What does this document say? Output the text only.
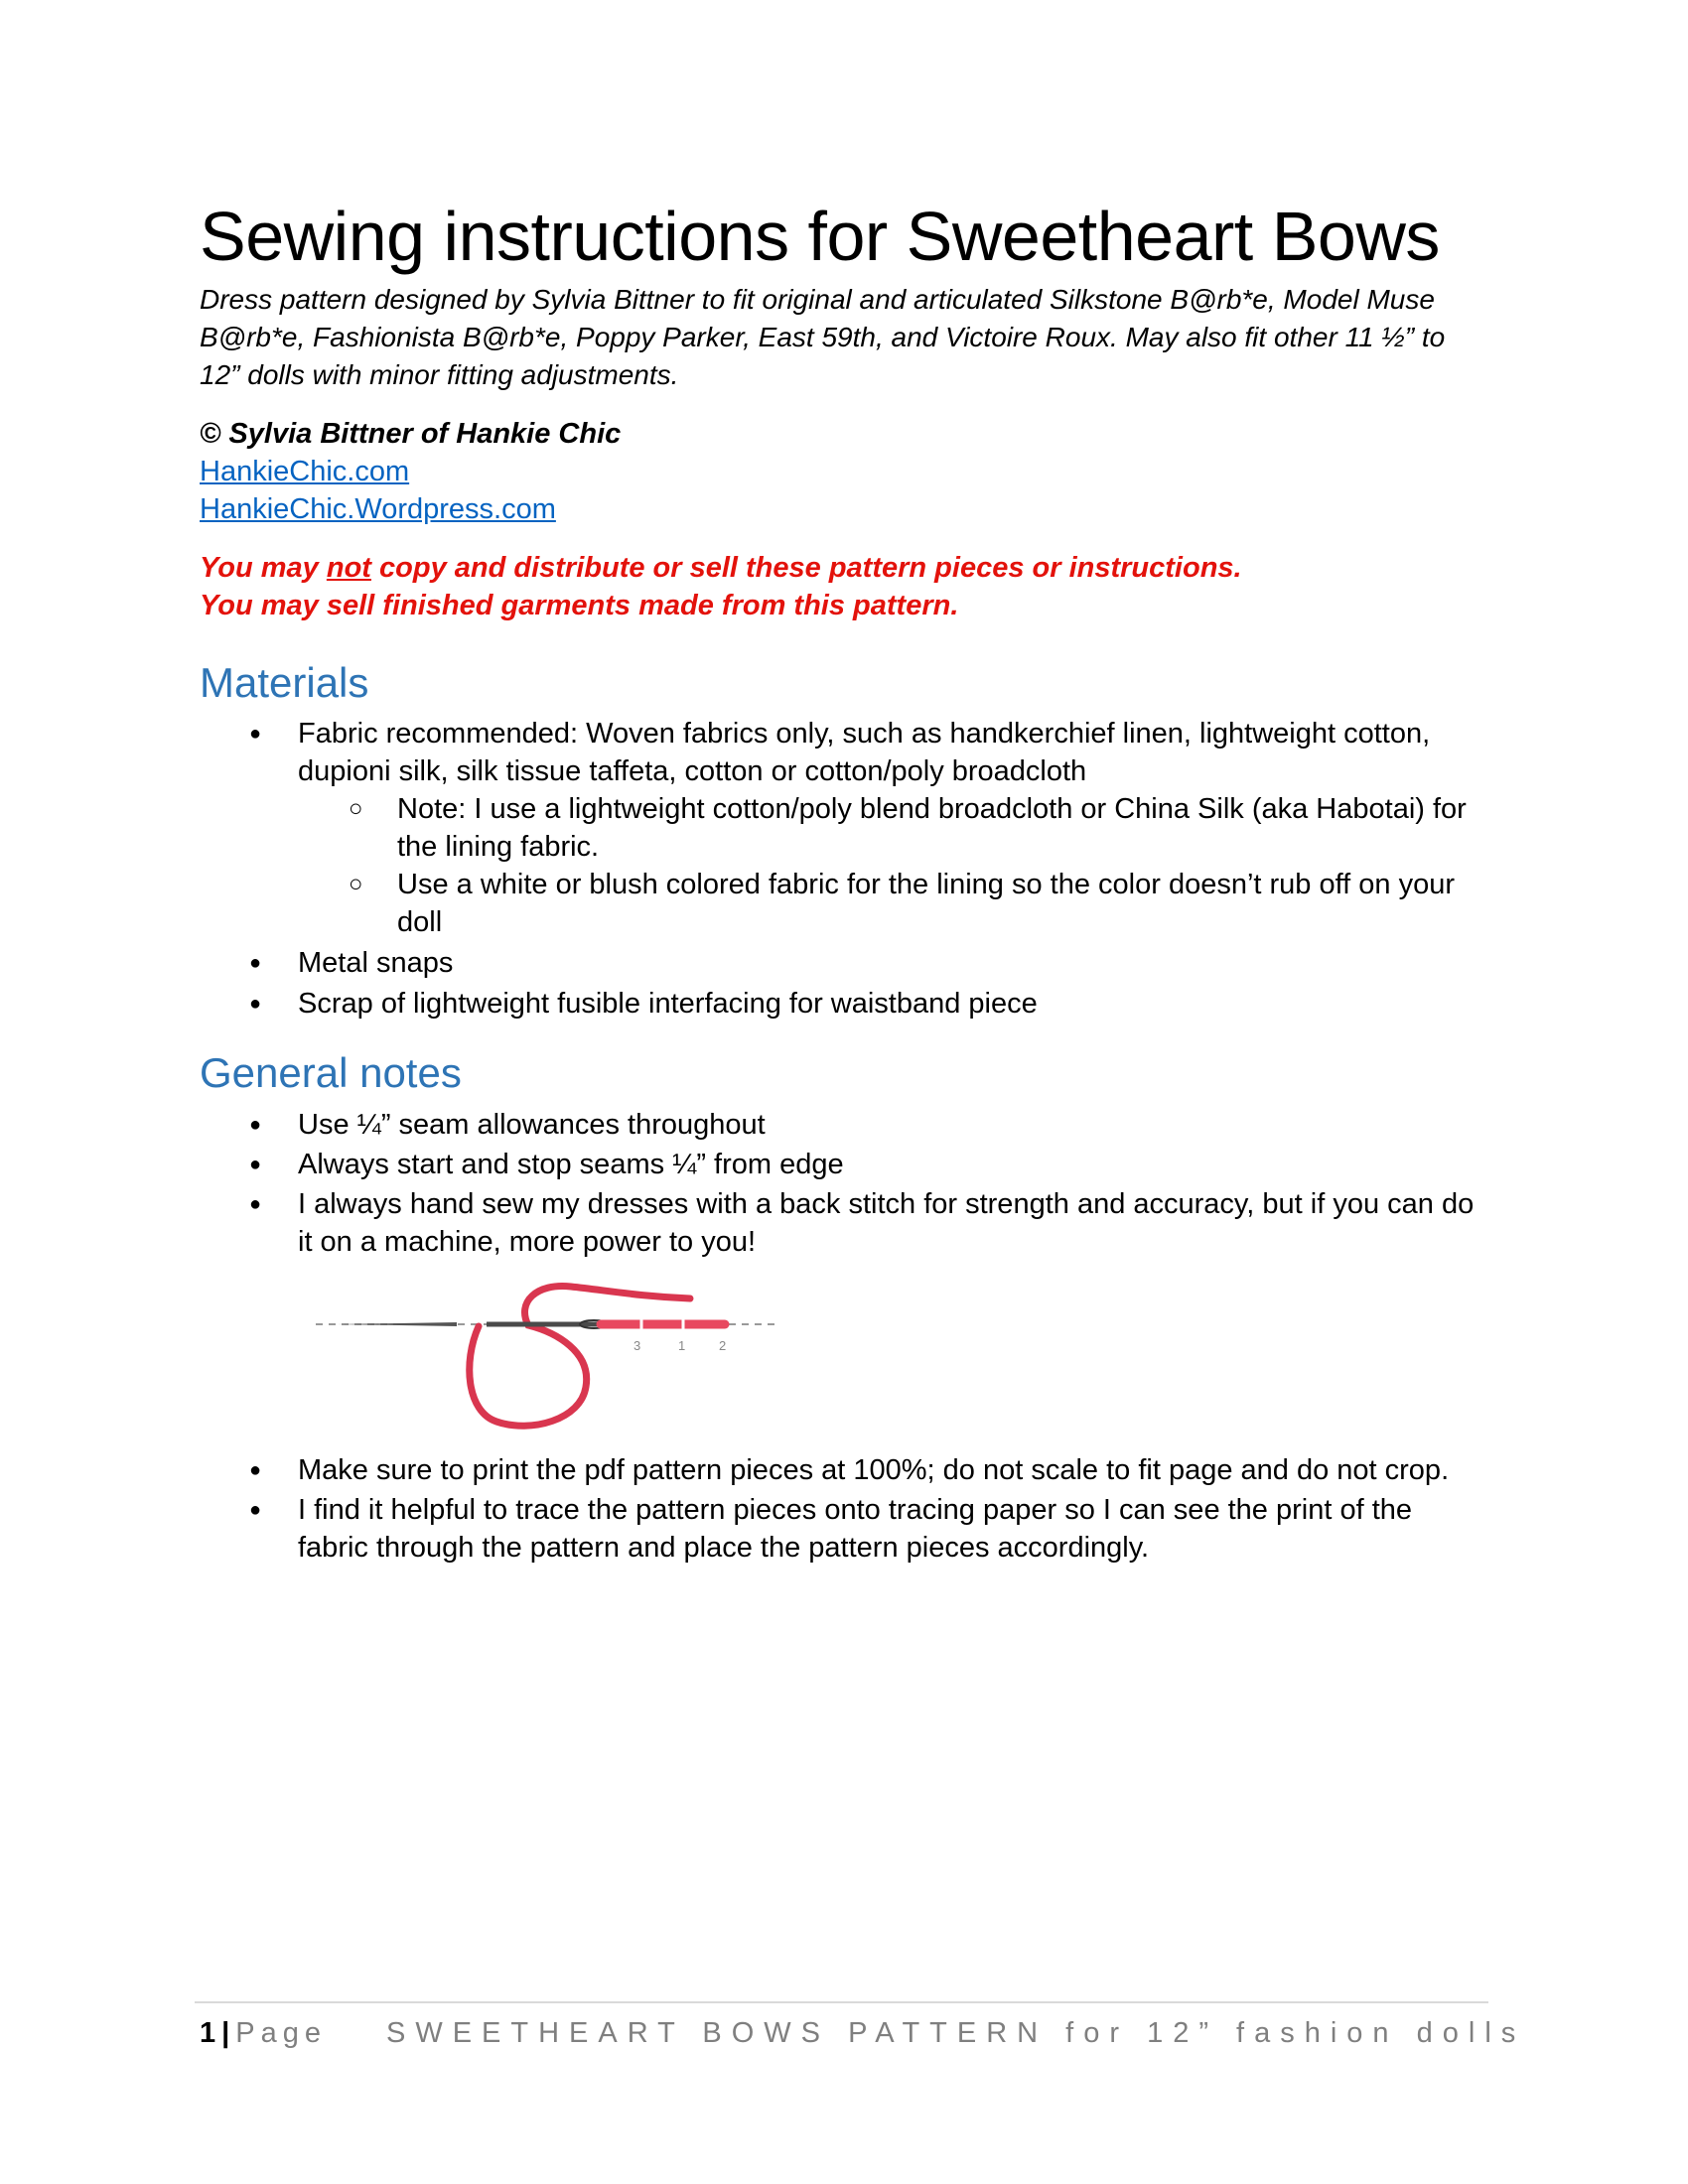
Sewing instructions for Sweetheart Bows

Dress pattern designed by Sylvia Bittner to fit original and articulated Silkstone B@rb*e, Model Muse B@rb*e, Fashionista B@rb*e, Poppy Parker, East 59th, and Victoire Roux. May also fit other 11 ½” to 12” dolls with minor fitting adjustments.

© Sylvia Bittner of Hankie Chic

HankieChic.com
HankieChic.Wordpress.com

You may not copy and distribute or sell these pattern pieces or instructions.

You may sell finished garments made from this pattern.

Materials
● Fabric recommended: Woven fabrics only, such as handkerchief linen, lightweight cotton, dupioni silk, silk tissue taffeta, cotton or cotton/poly broadcloth
○ Note: I use a lightweight cotton/poly blend broadcloth or China Silk (aka Habotai) for the lining fabric.
○ Use a white or blush colored fabric for the lining so the color doesn’t rub off on your doll
● Metal snaps
● Scrap of lightweight fusible interfacing for waistband piece
General notes
● Use ¼” seam allowances throughout
● Always start and stop seams ¼” from edge
● I always hand sew my dresses with a back stitch for strength and accuracy, but if you can do it on a machine, more power to you!
3	1	2
● Make sure to print the pdf pattern pieces at 100%; do not scale to fit page and do not crop.
● I find it helpful to trace the pattern pieces onto tracing paper so I can see the print of the fabric through the pattern and place the pattern pieces accordingly.
1 | Page SWEETHEART BOWS PATTERN for 12” fashion dolls
